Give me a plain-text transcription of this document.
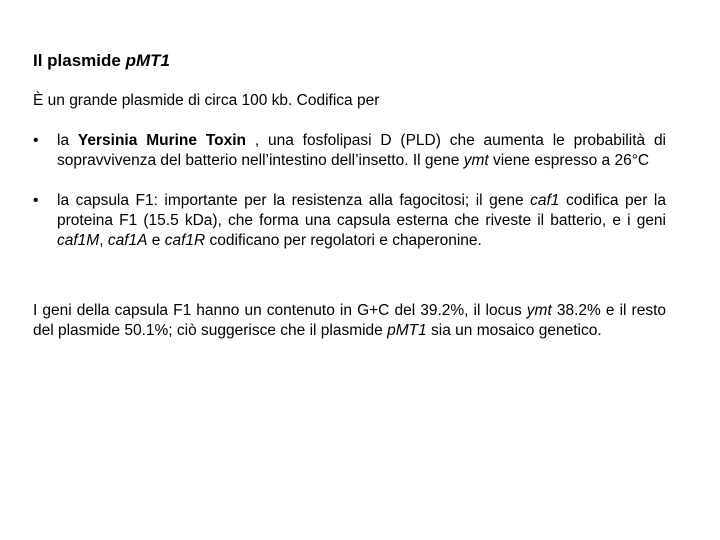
Il plasmide pMT1
È un grande plasmide di circa 100 kb. Codifica per
•	la Yersinia Murine Toxin , una fosfolipasi D (PLD) che aumenta le probabilità di sopravvivenza del batterio nell’intestino dell’insetto. Il gene ymt viene espresso a 26°C
•	la capsula F1: importante per la resistenza alla fagocitosi; il gene caf1 codifica per la proteina F1 (15.5 kDa), che forma una capsula esterna che riveste il batterio, e i geni caf1M, caf1A e caf1R codificano per regolatori e chaperonine.

I geni della capsula F1 hanno un contenuto in G+C del 39.2%, il locus ymt 38.2% e il resto del plasmide 50.1%; ciò suggerisce che il plasmide pMT1 sia un mosaico genetico.
